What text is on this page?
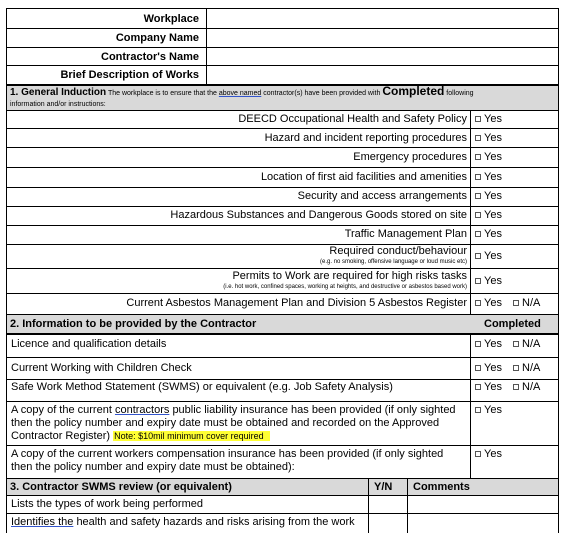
Workplace
Company Name
Contractor's Name
Brief Description of Works
1. General Induction The workplace is to ensure that the above named contractor(s) have been provided with Completed following
information and/or instructions:
DEECD Occupational Health and Safety Policy	Yes
Hazard and incident reporting procedures	Yes
Emergency procedures	Yes
Location of first aid facilities and amenities	Yes
Security and access arrangements	Yes
Hazardous Substances and Dangerous Goods stored on site	Yes
Traffic Management Plan	Yes
Required conduct/behaviour
(e.g. no smoking, offensive language or loud music etc)	Yes
Permits to Work are required for high risks tasks
(i.e. hot work, confined spaces, working at heights, and destructive or asbestos based work)	Yes
Current Asbestos Management Plan and Division 5 Asbestos Register	Yes	N/A
2. Information to be provided by the Contractor	Completed
Licence and qualification details	Yes	N/A
Current Working with Children Check	Yes	N/A
Safe Work Method Statement (SWMS) or equivalent (e.g. Job Safety Analysis)	Yes	N/A
A copy of the current contractors public liability insurance has been provided (if only sighted
then the policy number and expiry date must be obtained and recorded on the Approved
Contractor Register) Note: $10mil minimum cover required
Yes
A copy of the current workers compensation insurance has been provided (if only sighted
then the policy number and expiry date must be obtained):
Yes
3. Contractor SWMS review (or equivalent)	Y/N Comments
Lists the types of work being performed
Identifies the health and safety hazards and risks arising from the work
